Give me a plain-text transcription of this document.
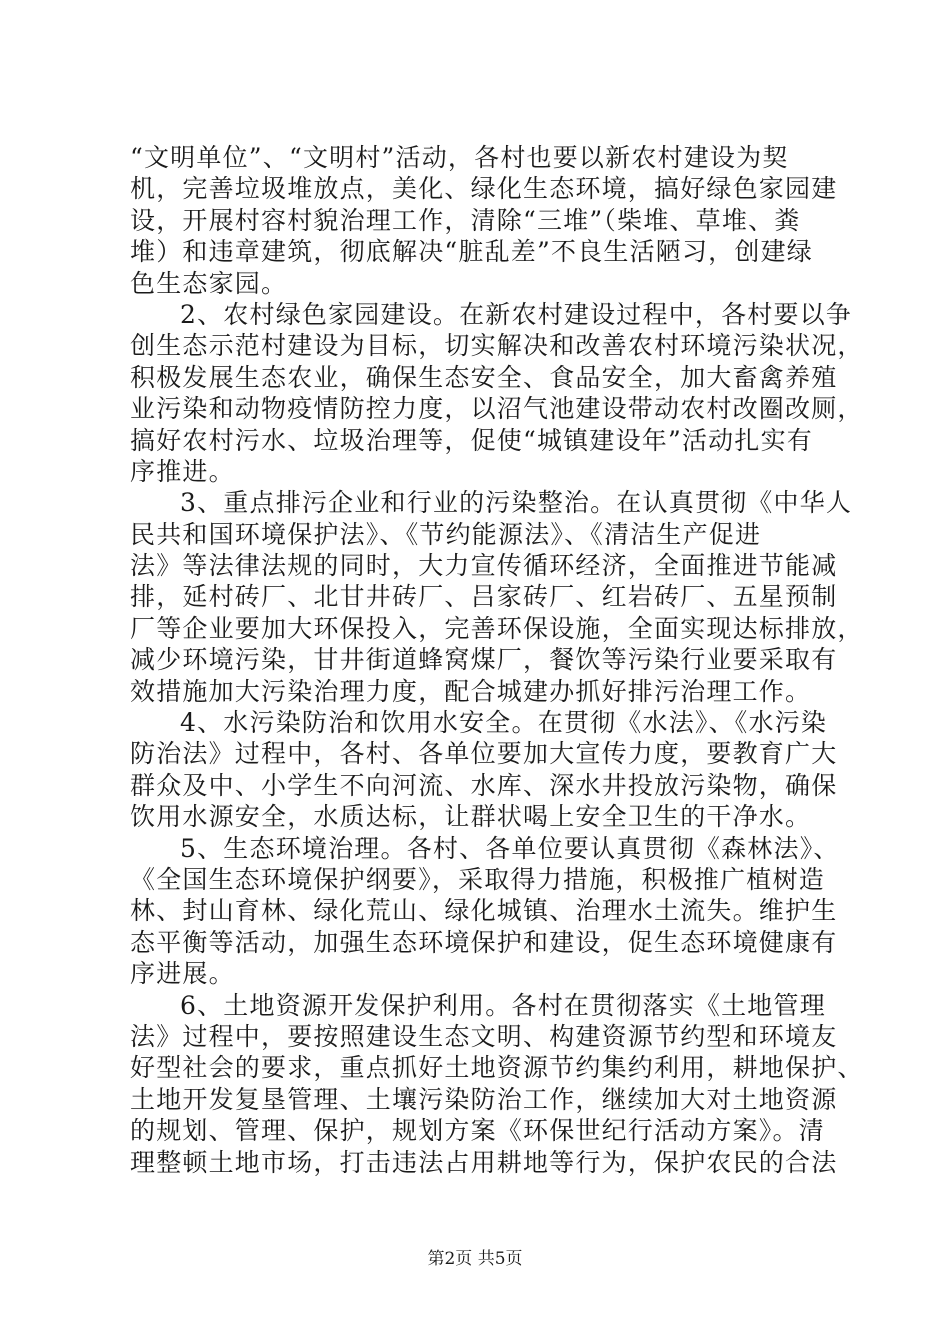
“文明单位”、“文明村”活动，各村也要以新农村建设为契
机，完善垃圾堆放点，美化、绿化生态环境，搞好绿色家园建
设，开展村容村貌治理工作，清除“三堆”（柴堆、草堆、粪
堆）和违章建筑，彻底解决“脏乱差”不良生活陋习，创建绿
色生态家园。
2、农村绿色家园建设。在新农村建设过程中，各村要以争
创生态示范村建设为目标，切实解决和改善农村环境污染状况，
积极发展生态农业，确保生态安全、食品安全，加大畜禽养殖
业污染和动物疫情防控力度，以沼气池建设带动农村改圈改厕，
搞好农村污水、垃圾治理等，促使“城镇建设年”活动扎实有
序推进。
3、重点排污企业和行业的污染整治。在认真贯彻《中华人
民共和国环境保护法》、《节约能源法》、《清洁生产促进
法》等法律法规的同时，大力宣传循环经济，全面推进节能减
排，延村砖厂、北甘井砖厂、吕家砖厂、红岩砖厂、五星预制
厂等企业要加大环保投入，完善环保设施，全面实现达标排放，
减少环境污染，甘井街道蜂窝煤厂，餐饮等污染行业要采取有
效措施加大污染治理力度，配合城建办抓好排污治理工作。
4、水污染防治和饮用水安全。在贯彻《水法》、《水污染
防治法》过程中，各村、各单位要加大宣传力度，要教育广大
群众及中、小学生不向河流、水库、深水井投放污染物，确保
饮用水源安全，水质达标，让群状喝上安全卫生的干净水。
5、生态环境治理。各村、各单位要认真贯彻《森林法》、
《全国生态环境保护纲要》，采取得力措施，积极推广植树造
林、封山育林、绿化荒山、绿化城镇、治理水土流失。维护生
态平衡等活动，加强生态环境保护和建设，促生态环境健康有
序进展。
6、土地资源开发保护利用。各村在贯彻落实《土地管理
法》过程中，要按照建设生态文明、构建资源节约型和环境友
好型社会的要求，重点抓好土地资源节约集约利用，耕地保护、
土地开发复垦管理、土壤污染防治工作，继续加大对土地资源
的规划、管理、保护，规划方案《环保世纪行活动方案》。清
理整顿土地市场，打击违法占用耕地等行为，保护农民的合法
第2页 共5页
